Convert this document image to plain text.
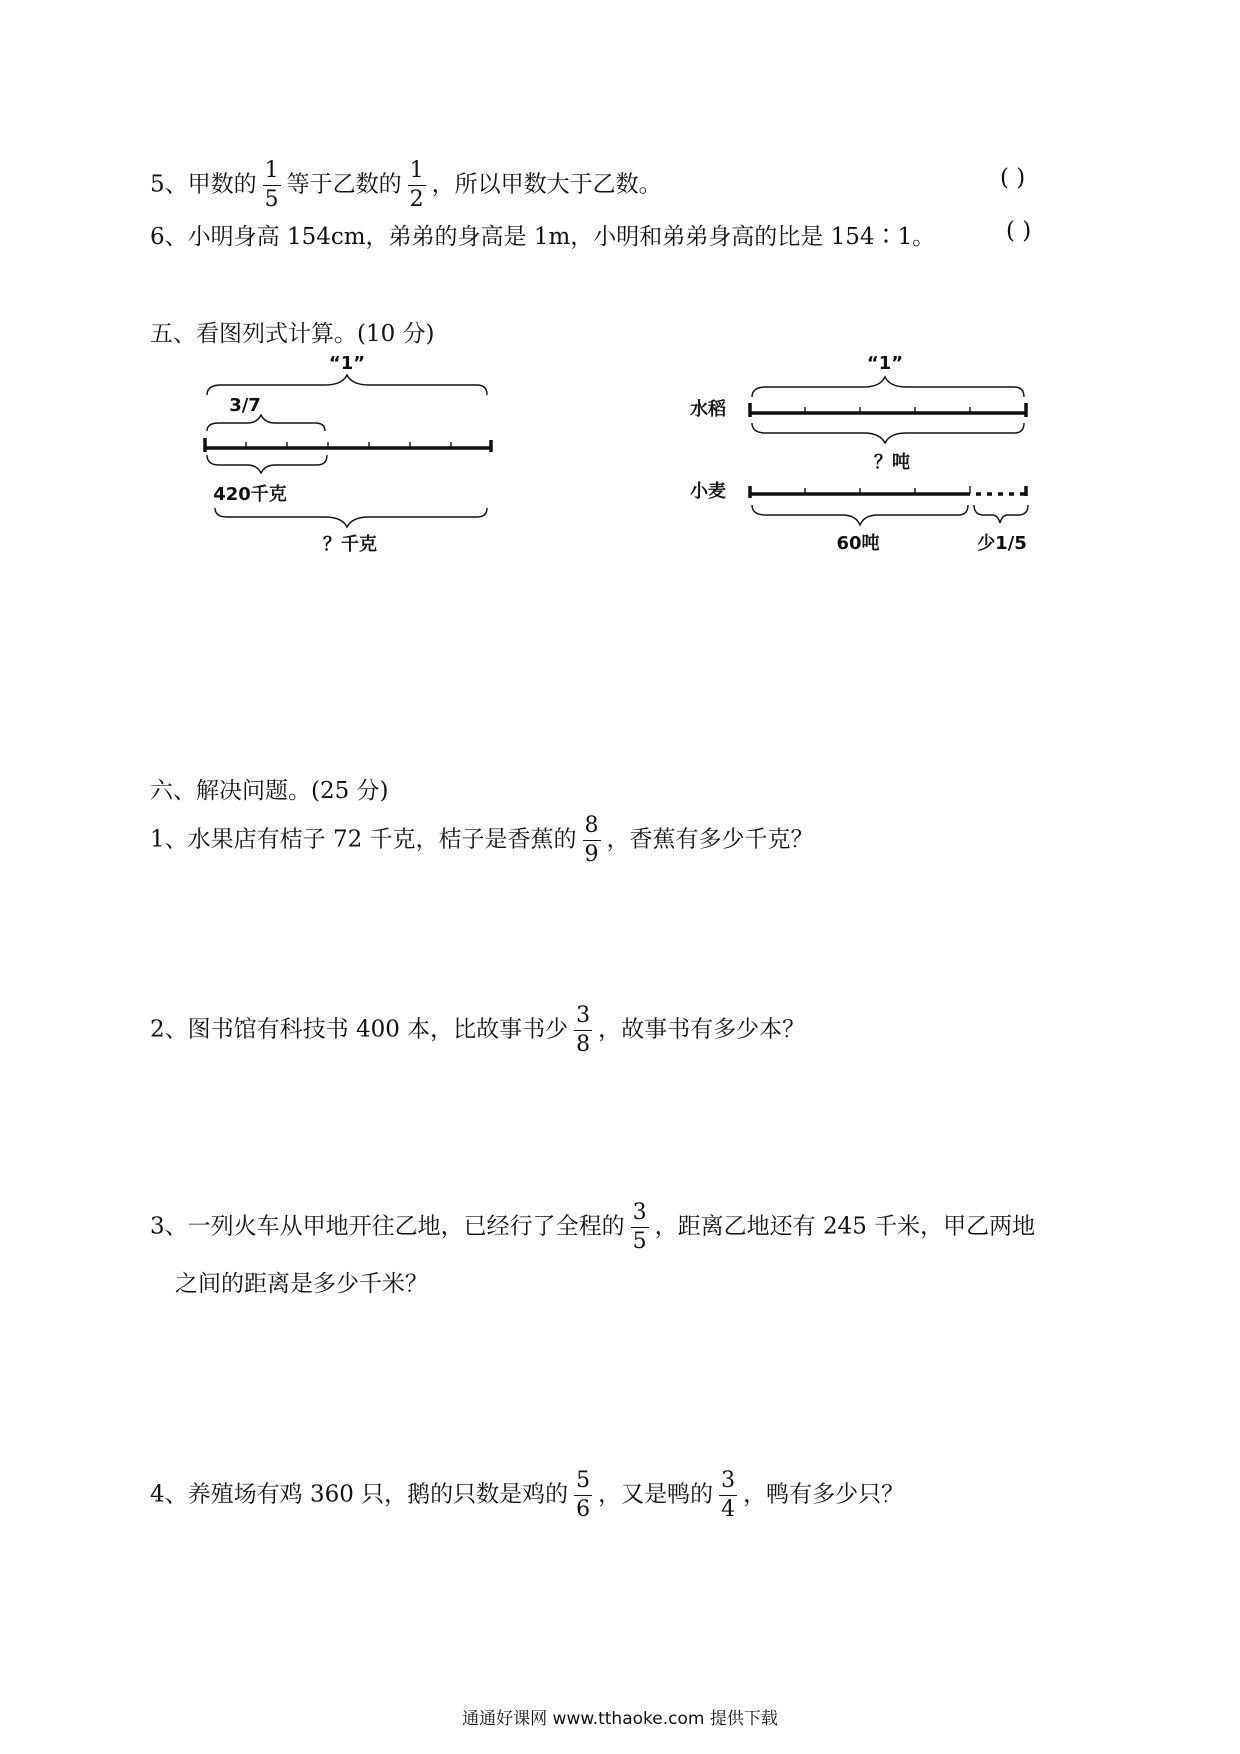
5、甲数的 $\frac{1}{5}$ 等于乙数的 $\frac{1}{2}$ ，所以甲数大于乙数。	( )
6、小明身高 154cm，弟弟的身高是 1m，小明和弟弟身高的比是 154∶1。	( )
五、看图列式计算。(10 分)
“1”
3/7
420千克
？千克
“1”
水稻
？吨
小麦
60吨	少1/5
六、解决问题。(25 分)
1、水果店有桔子 72 千克，桔子是香蕉的 $\frac{8}{9}$ ，香蕉有多少千克？
2、图书馆有科技书 400 本，比故事书少 $\frac{3}{8}$ ，故事书有多少本？
3、一列火车从甲地开往乙地，已经行了全程的 $\frac{3}{5}$ ，距离乙地还有 245 千米，甲乙两地
之间的距离是多少千米？
4、养殖场有鸡 360 只，鹅的只数是鸡的 $\frac{5}{6}$ ，又是鸭的 $\frac{3}{4}$ ，鸭有多少只？
通通好课网 www.tthaoke.com 提供下载
